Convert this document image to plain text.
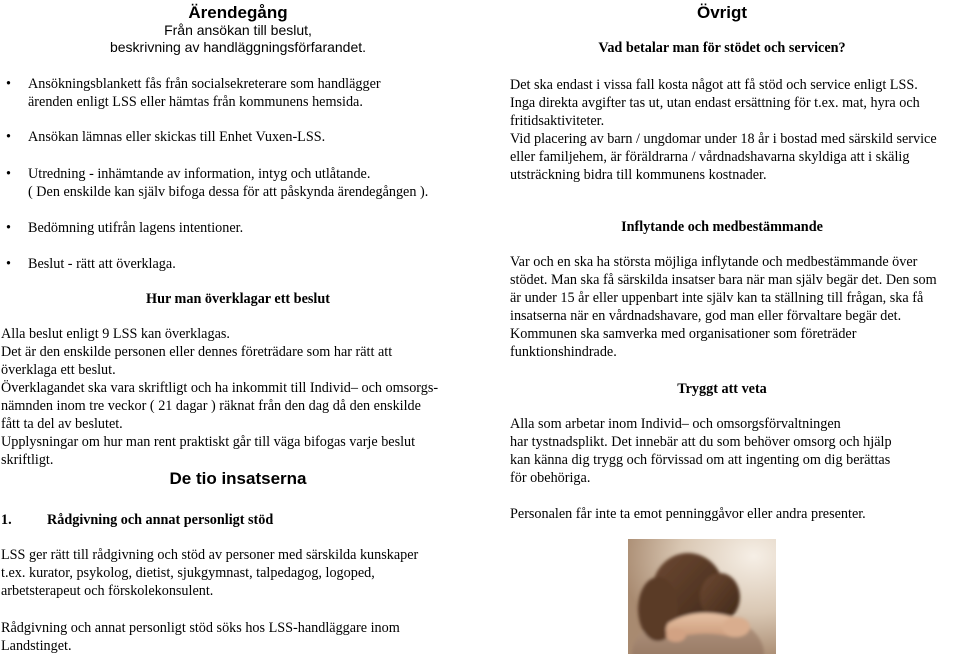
Ärendegång
Från ansökan till beslut,
beskrivning av handläggningsförfarandet.
•	Ansökningsblankett fås från socialsekreterare som handlägger
ärenden enligt LSS eller hämtas från kommunens hemsida.
•	Ansökan lämnas eller skickas till Enhet Vuxen-LSS.
•	Utredning - inhämtande av information, intyg och utlåtande.
( Den enskilde kan själv bifoga dessa för att påskynda ärendegången ).
•	Bedömning utifrån lagens intentioner.
•	Beslut - rätt att överklaga.
Hur man överklagar ett beslut
Alla beslut enligt 9 LSS kan överklagas.
Det är den enskilde personen eller dennes företrädare som har rätt att
överklaga ett beslut.
Överklagandet ska vara skriftligt och ha inkommit till Individ– och omsorgs-
nämnden inom tre veckor ( 21 dagar ) räknat från den dag då den enskilde
fått ta del av beslutet.
Upplysningar om hur man rent praktiskt går till väga bifogas varje beslut
skriftligt.
De tio insatserna
1. Rådgivning och annat personligt stöd
LSS ger rätt till rådgivning och stöd av personer med särskilda kunskaper
t.ex. kurator, psykolog, dietist, sjukgymnast, talpedagog, logoped,
arbetsterapeut och förskolekonsulent.
Rådgivning och annat personligt stöd söks hos LSS-handläggare inom
Landstinget.
Övrigt
Vad betalar man för stödet och servicen?
Det ska endast i vissa fall kosta något att få stöd och service enligt LSS.
Inga direkta avgifter tas ut, utan endast ersättning för t.ex. mat, hyra och
fritidsaktiviteter.
Vid placering av barn / ungdomar under 18 år i bostad med särskild service
eller familjehem, är föräldrarna / vårdnadshavarna skyldiga att i skälig
utsträckning bidra till kommunens kostnader.
Inflytande och medbestämmande
Var och en ska ha största möjliga inflytande och medbestämmande över
stödet. Man ska få särskilda insatser bara när man själv begär det. Den som
är under 15 år eller uppenbart inte själv kan ta ställning till frågan, ska få
insatserna när en vårdnadshavare, god man eller förvaltare begär det.
Kommunen ska samverka med organisationer som företräder
funktionshindrade.
Tryggt att veta
Alla som arbetar inom Individ– och omsorgsförvaltningen
har tystnadsplikt. Det innebär att du som behöver omsorg och hjälp
kan känna dig trygg och förvissad om att ingenting om dig berättas
för obehöriga.
Personalen får inte ta emot penninggåvor eller andra presenter.
